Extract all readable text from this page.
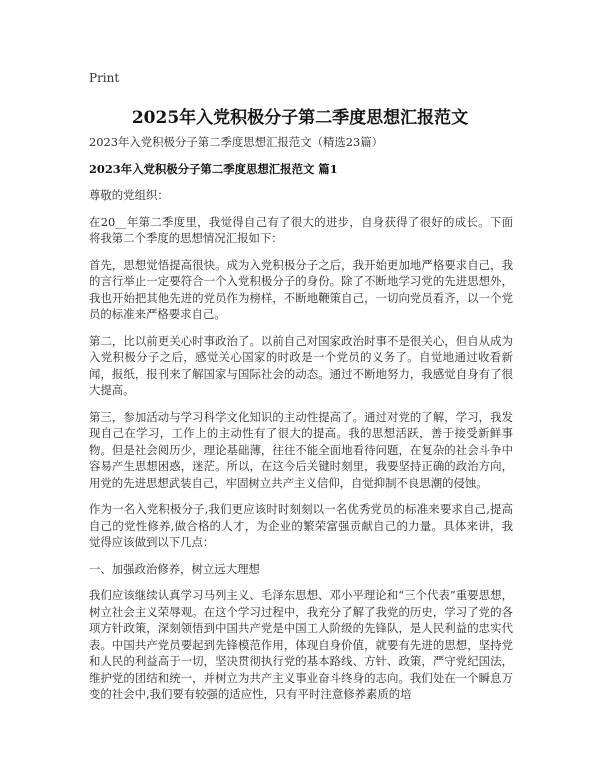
Print
2025年入党积极分子第二季度思想汇报范文

2023年入党积极分子第二季度思想汇报范文（精选23篇）

2023年入党积极分子第二季度思想汇报范文 篇1

尊敬的党组织：

在20__年第二季度里，我觉得自己有了很大的进步，自身获得了很好的成长。下面将我第二个季度的思想情况汇报如下：

首先，思想觉悟提高很快。成为入党积极分子之后，我开始更加地严格要求自己，我的言行举止一定要符合一个入党积极分子的身份。除了不断地学习党的先进思想外，我也开始把其他先进的党员作为榜样，不断地鞭策自己，一切向党员看齐，以一个党员的标准来严格要求自己。

第二，比以前更关心时事政治了。以前自己对国家政治时事不是很关心，但自从成为入党积极分子之后，感觉关心国家的时政是一个党员的义务了。自觉地通过收看新闻，报纸，报刊来了解国家与国际社会的动态。通过不断地努力，我感觉自身有了很大提高。

第三，参加活动与学习科学文化知识的主动性提高了。通过对党的了解，学习，我发现自己在学习，工作上的主动性有了很大的提高。我的思想活跃，善于接受新鲜事物。但是社会阅历少，理论基础薄，往往不能全面地看待问题，在复杂的社会斗争中容易产生思想困惑，迷茫。所以，在这今后关键时刻里，我要坚持正确的政治方向，用党的先进思想武装自己，牢固树立共产主义信仰，自觉抑制不良思潮的侵蚀。

作为一名入党积极分子,我们更应该时时刻刻以一名优秀党员的标准来要求自己,提高自己的党性修养,做合格的人才，为企业的繁荣富强贡献自己的力量。具体来讲，我觉得应该做到以下几点：

一、加强政治修养，树立远大理想

我们应该继续认真学习马列主义、毛泽东思想、邓小平理论和“三个代表”重要思想，树立社会主义荣辱观。在这个学习过程中，我充分了解了我党的历史，学习了党的各项方针政策，深刻领悟到中国共产党是中国工人阶级的先锋队，是人民利益的忠实代表。中国共产党员要起到先锋模范作用，体现自身价值，就要有先进的思想，坚持党和人民的利益高于一切，坚决贯彻执行党的基本路线、方针、政策，严守党纪国法，维护党的团结和统一，并树立为共产主义事业奋斗终身的志向。我们处在一个瞬息万变的社会中,我们要有较强的适应性，只有平时注意修养素质的培
